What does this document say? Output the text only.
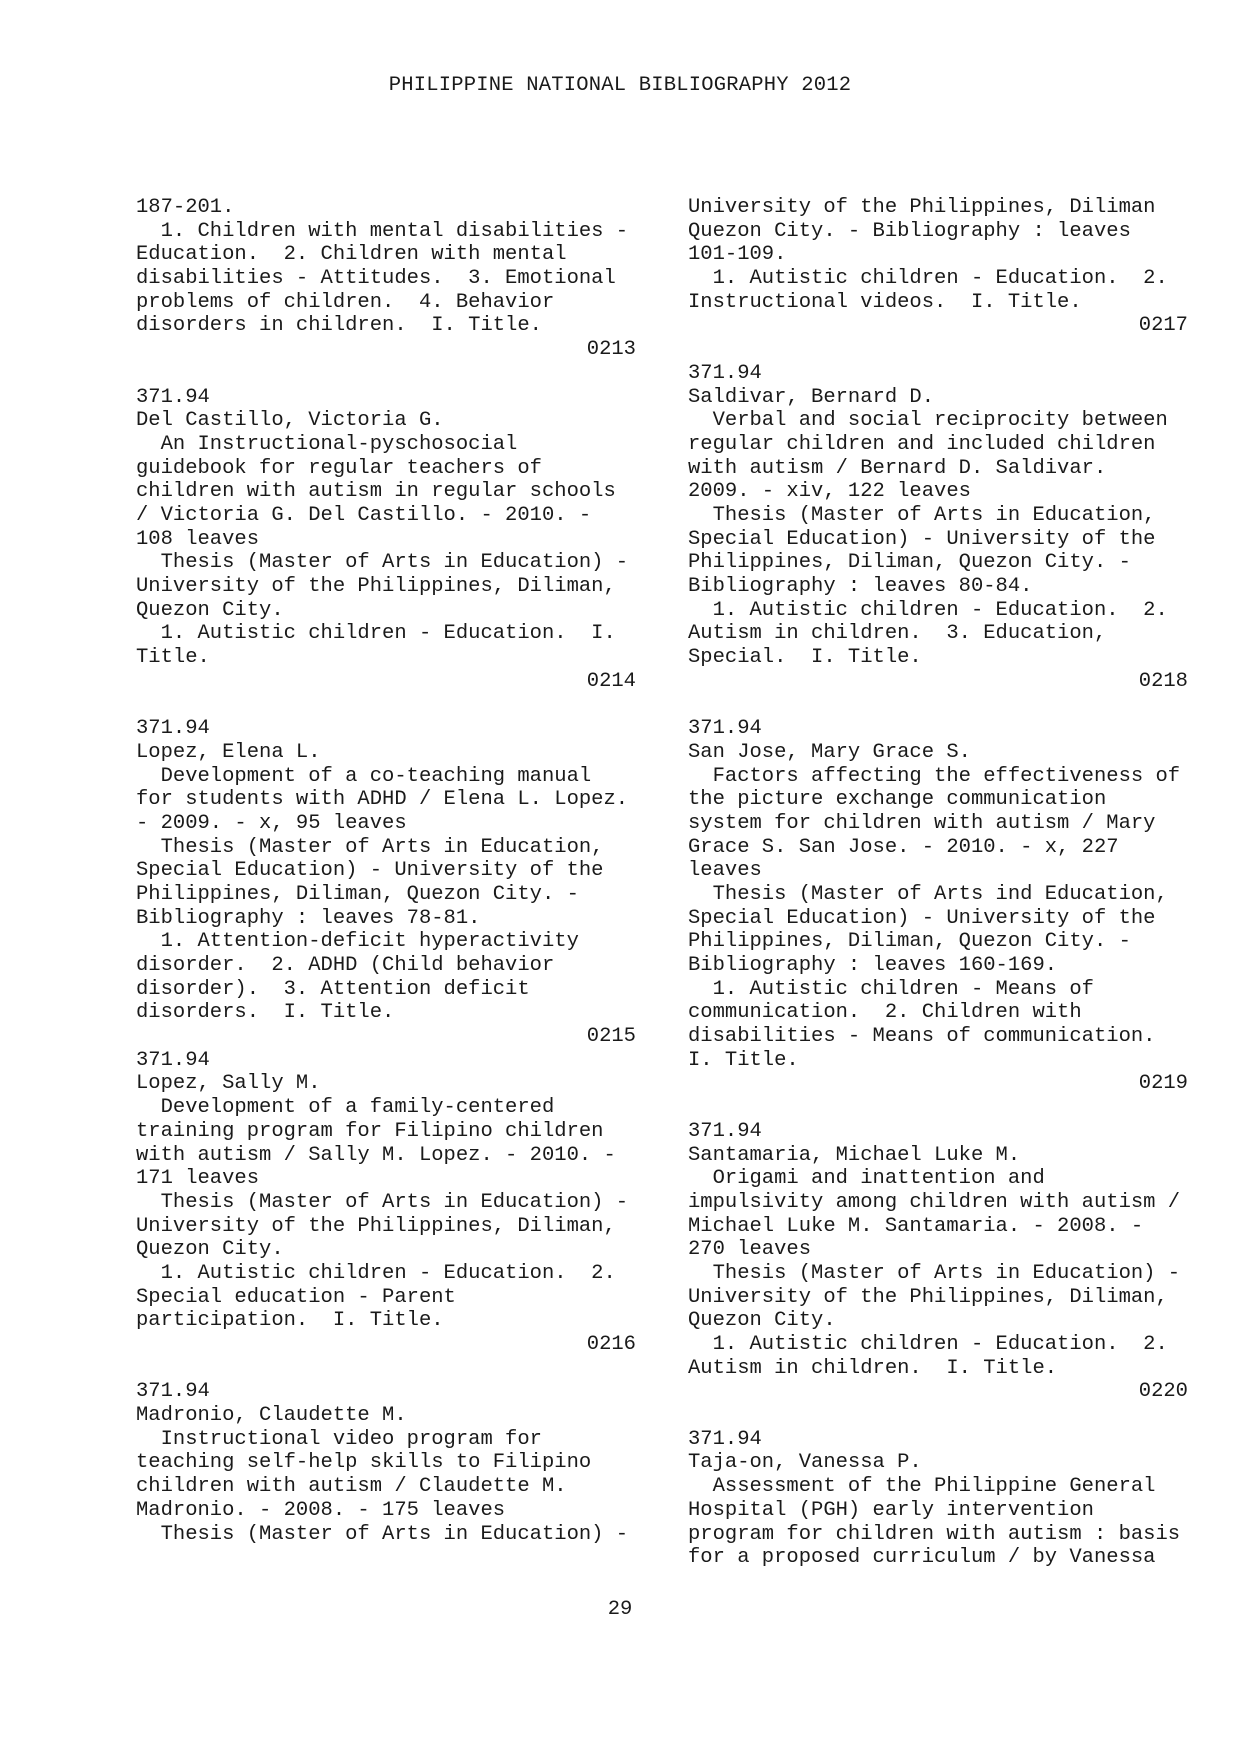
PHILIPPINE NATIONAL BIBLIOGRAPHY 2012
187-201.
1. Children with mental disabilities -
Education.  2. Children with mental
disabilities - Attitudes.  3. Emotional
problems of children.  4. Behavior
disorders in children.  I. Title.
0213
371.94
Del Castillo, Victoria G.
An Instructional-pyschosocial
guidebook for regular teachers of
children with autism in regular schools
/ Victoria G. Del Castillo. - 2010. -
108 leaves
Thesis (Master of Arts in Education) -
University of the Philippines, Diliman,
Quezon City.
1. Autistic children - Education.  I.
Title.
0214
371.94
Lopez, Elena L.
Development of a co-teaching manual
for students with ADHD / Elena L. Lopez.
- 2009. - x, 95 leaves
Thesis (Master of Arts in Education,
Special Education) - University of the
Philippines, Diliman, Quezon City. -
Bibliography : leaves 78-81.
1. Attention-deficit hyperactivity
disorder.  2. ADHD (Child behavior
disorder).  3. Attention deficit
disorders.  I. Title.
0215
371.94
Lopez, Sally M.
Development of a family-centered
training program for Filipino children
with autism / Sally M. Lopez. - 2010. -
171 leaves
Thesis (Master of Arts in Education) -
University of the Philippines, Diliman,
Quezon City.
1. Autistic children - Education.  2.
Special education - Parent
participation.  I. Title.
0216
371.94
Madronio, Claudette M.
Instructional video program for
teaching self-help skills to Filipino
children with autism / Claudette M.
Madronio. - 2008. - 175 leaves
Thesis (Master of Arts in Education) -
University of the Philippines, Diliman
Quezon City. - Bibliography : leaves
101-109.
1. Autistic children - Education.  2.
Instructional videos.  I. Title.
0217
371.94
Saldivar, Bernard D.
Verbal and social reciprocity between
regular children and included children
with autism / Bernard D. Saldivar.
2009. - xiv, 122 leaves
Thesis (Master of Arts in Education,
Special Education) - University of the
Philippines, Diliman, Quezon City. -
Bibliography : leaves 80-84.
1. Autistic children - Education.  2.
Autism in children.  3. Education,
Special.  I. Title.
0218
371.94
San Jose, Mary Grace S.
Factors affecting the effectiveness of
the picture exchange communication
system for children with autism / Mary
Grace S. San Jose. - 2010. - x, 227
leaves
Thesis (Master of Arts ind Education,
Special Education) - University of the
Philippines, Diliman, Quezon City. -
Bibliography : leaves 160-169.
1. Autistic children - Means of
communication.  2. Children with
disabilities - Means of communication.
I. Title.
0219
371.94
Santamaria, Michael Luke M.
Origami and inattention and
impulsivity among children with autism /
Michael Luke M. Santamaria. - 2008. -
270 leaves
Thesis (Master of Arts in Education) -
University of the Philippines, Diliman,
Quezon City.
1. Autistic children - Education.  2.
Autism in children.  I. Title.
0220
371.94
Taja-on, Vanessa P.
Assessment of the Philippine General
Hospital (PGH) early intervention
program for children with autism : basis
for a proposed curriculum / by Vanessa
29
